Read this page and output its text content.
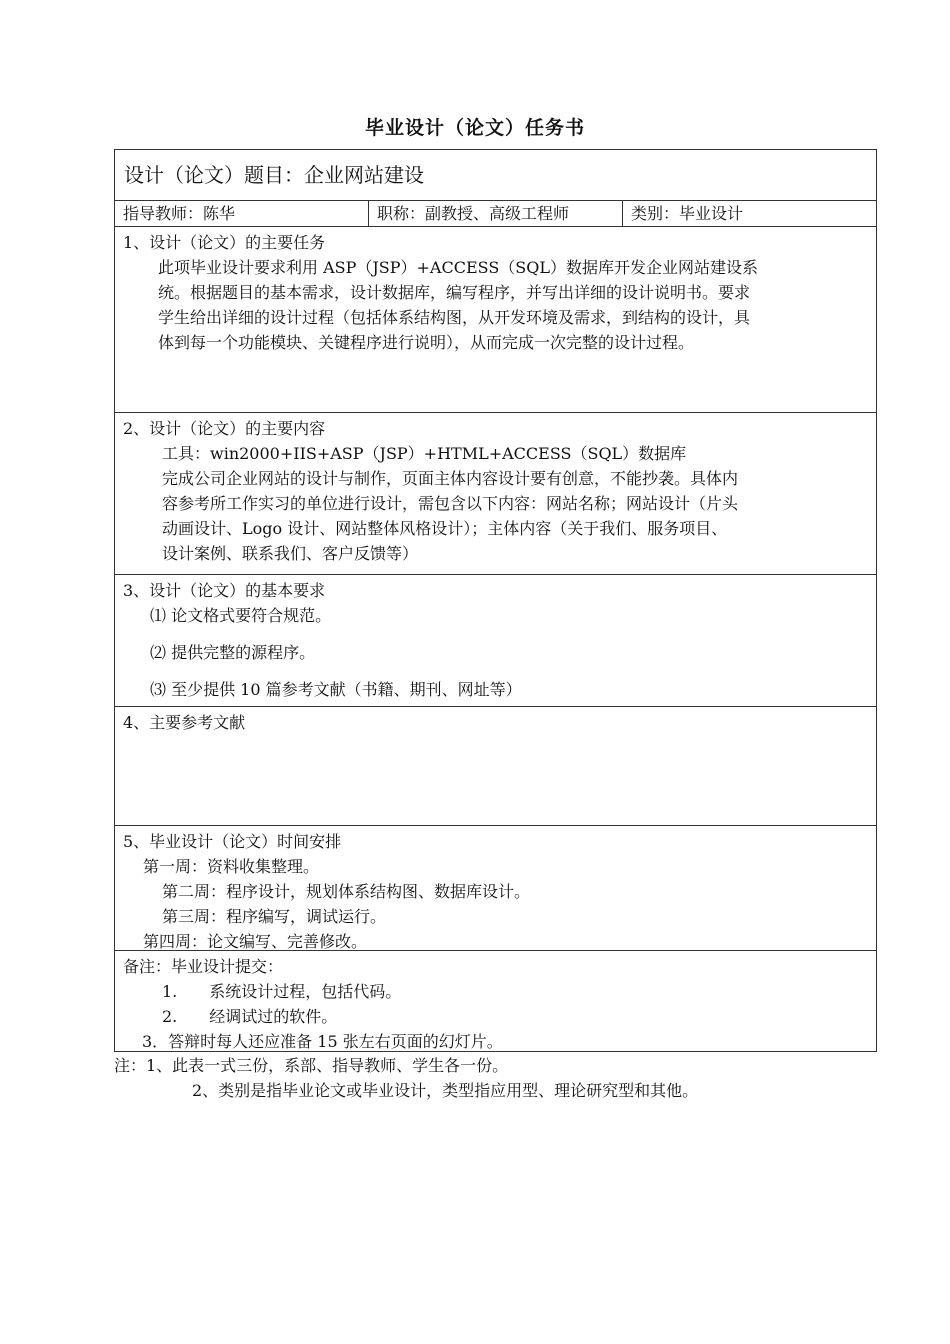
毕业设计（论文）任务书
设计（论文）题目：企业网站建设
指导教师：陈华	职称：副教授、高级工程师	类别：毕业设计

1、设计（论文）的主要任务

此项毕业设计要求利用 ASP（JSP）+ACCESS（SQL）数据库开发企业网站建设系

统。根据题目的基本需求，设计数据库，编写程序，并写出详细的设计说明书。要求

学生给出详细的设计过程（包括体系结构图，从开发环境及需求，到结构的设计，具

体到每一个功能模块、关键程序进行说明），从而完成一次完整的设计过程。

2、设计（论文）的主要内容

工具：win2000+IIS+ASP（JSP）+HTML+ACCESS（SQL）数据库

完成公司企业网站的设计与制作，页面主体内容设计要有创意，不能抄袭。具体内

容参考所工作实习的单位进行设计，需包含以下内容：网站名称；网站设计（片头

动画设计、Logo 设计、网站整体风格设计）；主体内容（关于我们、服务项目、

设计案例、联系我们、客户反馈等）

3、设计（论文）的基本要求

⑴ 论文格式要符合规范。

⑵ 提供完整的源程序。

⑶ 至少提供 10 篇参考文献（书籍、期刊、网址等）

4、主要参考文献

5、毕业设计（论文）时间安排

第一周：资料收集整理。

第二周：程序设计，规划体系结构图、数据库设计。

第三周：程序编写，调试运行。

第四周：论文编写、完善修改。

备注：毕业设计提交：

1.  系统设计过程，包括代码。

2.  经调试过的软件。

3．答辩时每人还应准备 15 张左右页面的幻灯片。

注：1、此表一式三份，系部、指导教师、学生各一份。
2、类别是指毕业论文或毕业设计，类型指应用型、理论研究型和其他。
